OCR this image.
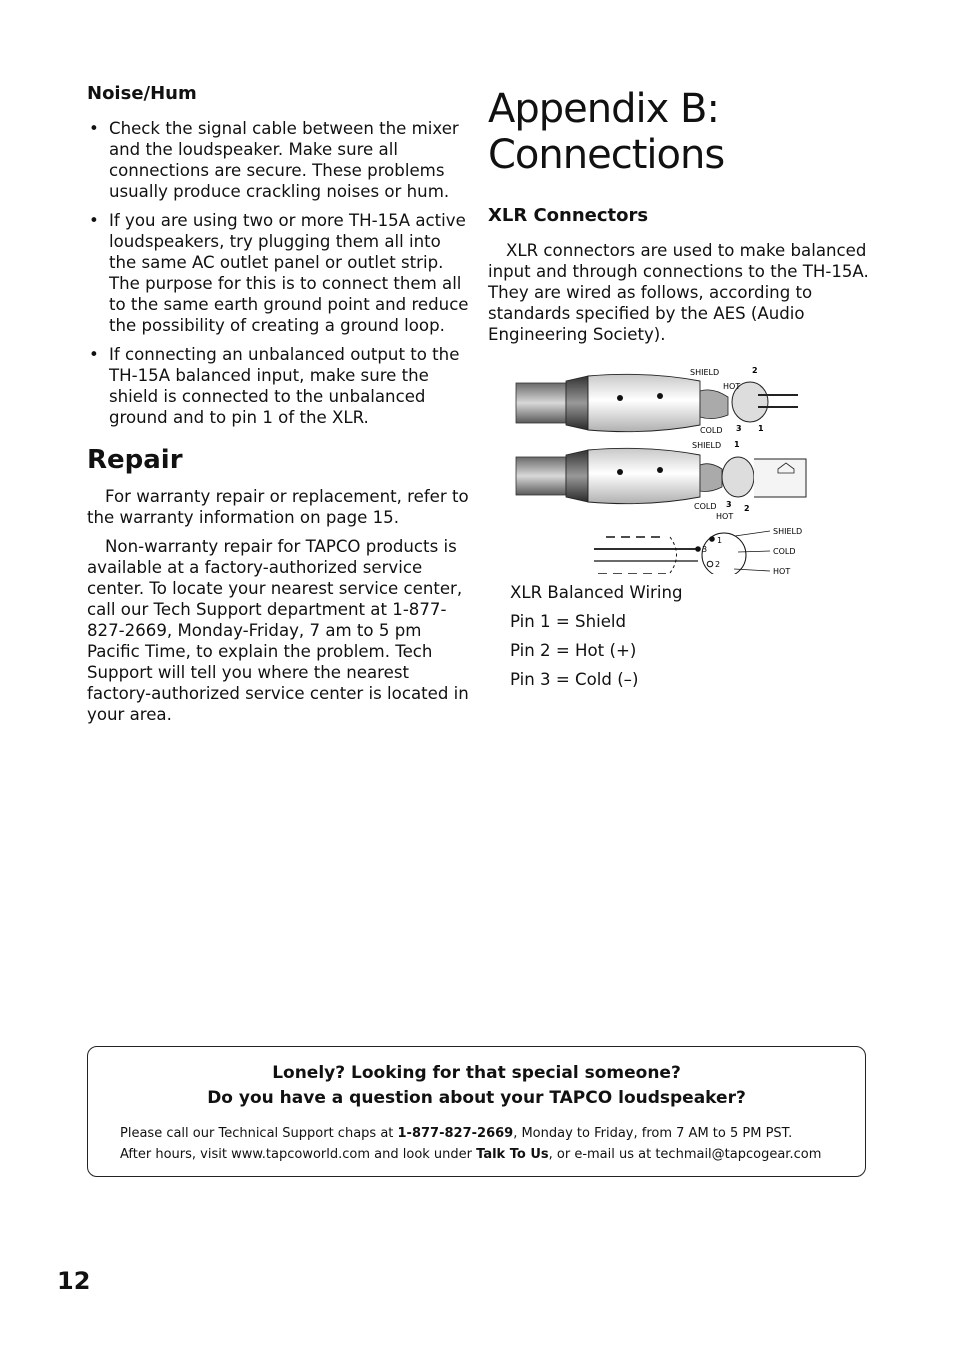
Noise/Hum
• Check the signal cable between the mixer and the loudspeaker. Make sure all connections are secure. These problems usually produce crackling noises or hum.
• If you are using two or more TH-15A active loudspeakers, try plugging them all into the same AC outlet panel or outlet strip. The purpose for this is to connect them all to the same earth ground point and reduce the possibility of creating a ground loop.
• If connecting an unbalanced output to the TH-15A balanced input, make sure the shield is connected to the unbalanced ground and to pin 1 of the XLR.
Repair

For warranty repair or replacement, refer to the warranty information on page 15.

Non-warranty repair for TAPCO products is available at a factory-authorized service center. To locate your nearest service center, call our Tech Support department at 1-877-827-2669, Monday-Friday, 7 am to 5 pm Pacific Time, to explain the problem. Tech Support will tell you where the nearest factory-authorized service center is located in your area.

Appendix B:
Connections
XLR Connectors

XLR connectors are used to make balanced input and through connections to the TH-15A. They are wired as follows, according to standards specified by the AES (Audio Engineering Society).

SHIELD
HOT
COLD
2
3 1
SHIELD
COLD
HOT
1
3 2
1
3
2
SHIELD
COLD
HOT
XLR Balanced Wiring
Pin 1 = Shield
Pin 2 = Hot (+)
Pin 3 = Cold (–)
Lonely? Looking for that special someone?
Do you have a question about your TAPCO loudspeaker?
Please call our Technical Support chaps at 1-877-827-2669, Monday to Friday, from 7 AM to 5 PM PST.
After hours, visit www.tapcoworld.com and look under Talk To Us, or e-mail us at techmail@tapcogear.com
12
